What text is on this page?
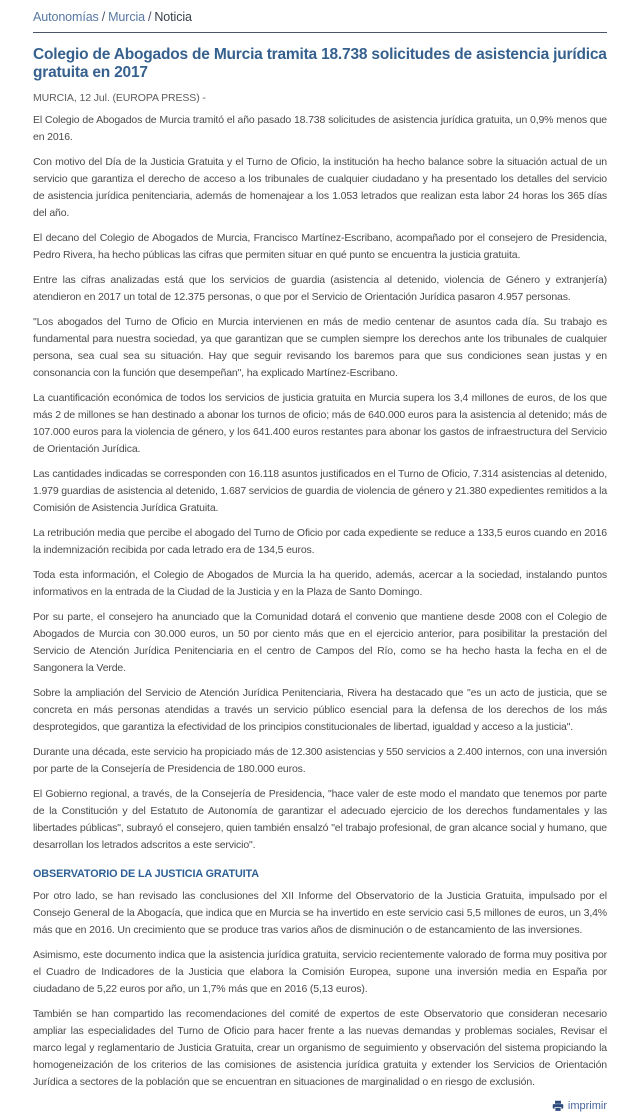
Autonomías / Murcia / Noticia
Colegio de Abogados de Murcia tramita 18.738 solicitudes de asistencia jurídica gratuita en 2017
MURCIA, 12 Jul. (EUROPA PRESS) -

El Colegio de Abogados de Murcia tramitó el año pasado 18.738 solicitudes de asistencia jurídica gratuita, un 0,9% menos que en 2016.

Con motivo del Día de la Justicia Gratuita y el Turno de Oficio, la institución ha hecho balance sobre la situación actual de un servicio que garantiza el derecho de acceso a los tribunales de cualquier ciudadano y ha presentado los detalles del servicio de asistencia jurídica penitenciaria, además de homenajear a los 1.053 letrados que realizan esta labor 24 horas los 365 días del año.

El decano del Colegio de Abogados de Murcia, Francisco Martínez-Escribano, acompañado por el consejero de Presidencia, Pedro Rivera, ha hecho públicas las cifras que permiten situar en qué punto se encuentra la justicia gratuita.

Entre las cifras analizadas está que los servicios de guardia (asistencia al detenido, violencia de Género y extranjería) atendieron en 2017 un total de 12.375 personas, o que por el Servicio de Orientación Jurídica pasaron 4.957 personas.

"Los abogados del Turno de Oficio en Murcia intervienen en más de medio centenar de asuntos cada día. Su trabajo es fundamental para nuestra sociedad, ya que garantizan que se cumplen siempre los derechos ante los tribunales de cualquier persona, sea cual sea su situación. Hay que seguir revisando los baremos para que sus condiciones sean justas y en consonancia con la función que desempeñan", ha explicado Martínez-Escribano.

La cuantificación económica de todos los servicios de justicia gratuita en Murcia supera los 3,4 millones de euros, de los que más 2 de millones se han destinado a abonar los turnos de oficio; más de 640.000 euros para la asistencia al detenido; más de 107.000 euros para la violencia de género, y los 641.400 euros restantes para abonar los gastos de infraestructura del Servicio de Orientación Jurídica.

Las cantidades indicadas se corresponden con 16.118 asuntos justificados en el Turno de Oficio, 7.314 asistencias al detenido, 1.979 guardias de asistencia al detenido, 1.687 servicios de guardia de violencia de género y 21.380 expedientes remitidos a la Comisión de Asistencia Jurídica Gratuita.

La retribución media que percibe el abogado del Turno de Oficio por cada expediente se reduce a 133,5 euros cuando en 2016 la indemnización recibida por cada letrado era de 134,5 euros.

Toda esta información, el Colegio de Abogados de Murcia la ha querido, además, acercar a la sociedad, instalando puntos informativos en la entrada de la Ciudad de la Justicia y en la Plaza de Santo Domingo.

Por su parte, el consejero ha anunciado que la Comunidad dotará el convenio que mantiene desde 2008 con el Colegio de Abogados de Murcia con 30.000 euros, un 50 por ciento más que en el ejercicio anterior, para posibilitar la prestación del Servicio de Atención Jurídica Penitenciaria en el centro de Campos del Río, como se ha hecho hasta la fecha en el de Sangonera la Verde.

Sobre la ampliación del Servicio de Atención Jurídica Penitenciaria, Rivera ha destacado que "es un acto de justicia, que se concreta en más personas atendidas a través un servicio público esencial para la defensa de los derechos de los más desprotegidos, que garantiza la efectividad de los principios constitucionales de libertad, igualdad y acceso a la justicia".

Durante una década, este servicio ha propiciado más de 12.300 asistencias y 550 servicios a 2.400 internos, con una inversión por parte de la Consejería de Presidencia de 180.000 euros.

El Gobierno regional, a través, de la Consejería de Presidencia, "hace valer de este modo el mandato que tenemos por parte de la Constitución y del Estatuto de Autonomía de garantizar el adecuado ejercicio de los derechos fundamentales y las libertades públicas", subrayó el consejero, quien también ensalzó "el trabajo profesional, de gran alcance social y humano, que desarrollan los letrados adscritos a este servicio".

OBSERVATORIO DE LA JUSTICIA GRATUITA

Por otro lado, se han revisado las conclusiones del XII Informe del Observatorio de la Justicia Gratuita, impulsado por el Consejo General de la Abogacía, que indica que en Murcia se ha invertido en este servicio casi 5,5 millones de euros, un 3,4% más que en 2016. Un crecimiento que se produce tras varios años de disminución o de estancamiento de las inversiones.

Asimismo, este documento indica que la asistencia jurídica gratuita, servicio recientemente valorado de forma muy positiva por el Cuadro de Indicadores de la Justicia que elabora la Comisión Europea, supone una inversión media en España por ciudadano de 5,22 euros por año, un 1,7% más que en 2016 (5,13 euros).

También se han compartido las recomendaciones del comité de expertos de este Observatorio que consideran necesario ampliar las especialidades del Turno de Oficio para hacer frente a las nuevas demandas y problemas sociales, Revisar el marco legal y reglamentario de Justicia Gratuita, crear un organismo de seguimiento y observación del sistema propiciando la homogeneización de los criterios de las comisiones de asistencia jurídica gratuita y extender los Servicios de Orientación Jurídica a sectores de la población que se encuentran en situaciones de marginalidad o en riesgo de exclusión.

imprimir
